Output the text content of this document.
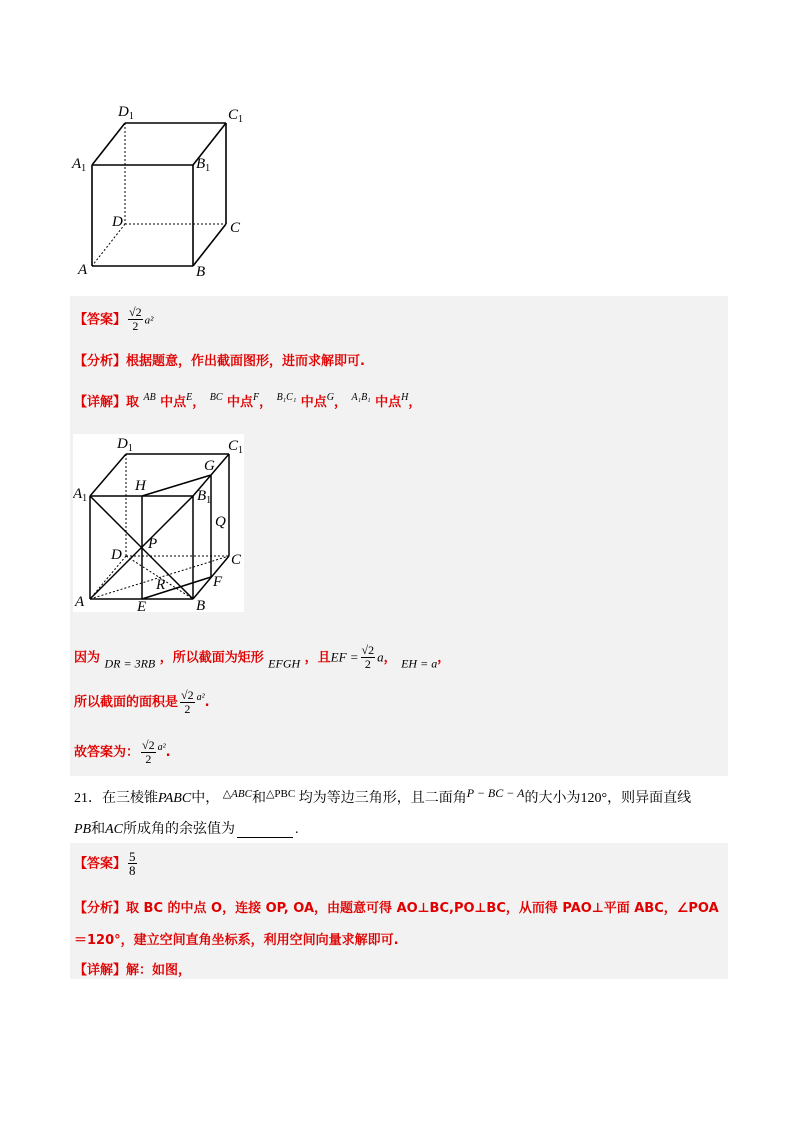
$D_1$	$C_1$
$A_1$	$B_1$
D	C
A	B
【答案】 $\frac{√2}{2} a^2$
【分析】根据题意，作出截面图形，进而求解即可.
【详解】取 $^{AB}$ 中点$^E$， $^{BC}$ 中点$^F$， $^{B_1C_1}$ 中点$^G$， $^{A_1B_1}$ 中点$^H$，
$D_1$	$C_1$
$A_1$	$B_1$
H
G
Q
P
D	C
R	F
A	E	B
因为 DR = 3RB ，所以截面为矩形 EFGH ，且EF = $\frac{√2}{2}$ a， EH = a，
所以截面的面积是 $\frac{√2}{2} ^{a^2}$.
故答案为： $\frac{√2}{2} ^{a^2}$.
21．在三棱锥PABC中， $^{\triangle ABC}$和$^{\triangle PBC}$ 均为等边三角形，且二面角P − BC − A的大小为120°，则异面直线
PB和AC所成角的余弦值为	.
【答案】 $\frac{5}{8}$
【分析】取 BC 的中点 O，连接 OP, OA，由题意可得 AO⊥BC,PO⊥BC，从而得 PAO⊥平面 ABC，∠POA
＝120°，建立空间直角坐标系，利用空间向量求解即可.
【详解】解：如图，
